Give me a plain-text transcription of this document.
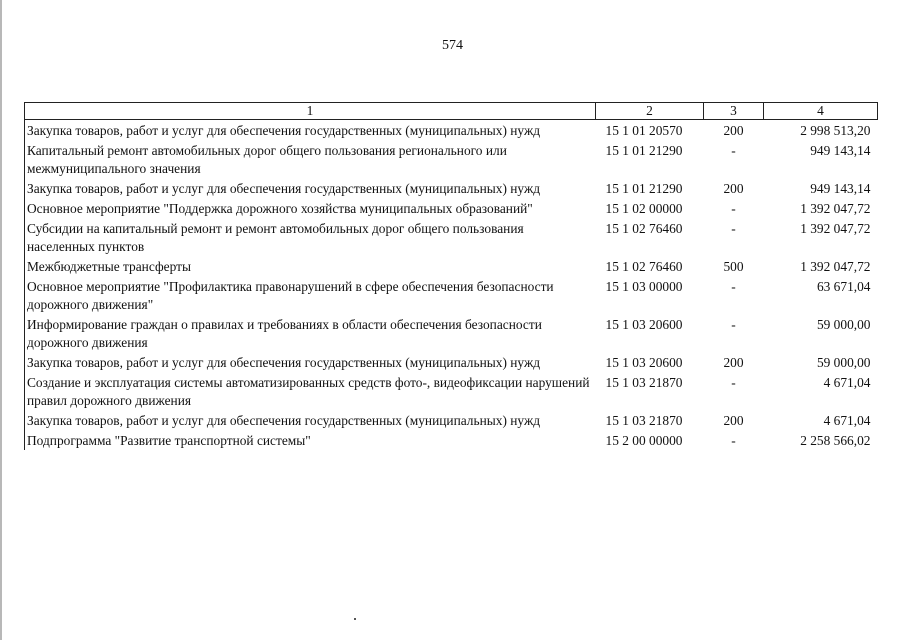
574
1	2	3	4
Закупка товаров, работ и услуг для обеспечения государственных (муниципальных) нужд	15 1 01 20570	200	2 998 513,20
Капитальный ремонт автомобильных дорог общего пользования регионального или межмуниципального значения	15 1 01 21290	-	949 143,14
Закупка товаров, работ и услуг для обеспечения государственных (муниципальных) нужд	15 1 01 21290	200	949 143,14
Основное мероприятие "Поддержка дорожного хозяйства муниципальных образований"	15 1 02 00000	-	1 392 047,72
Субсидии на капитальный ремонт и ремонт автомобильных дорог общего пользования населенных пунктов	15 1 02 76460	-	1 392 047,72
Межбюджетные трансферты	15 1 02 76460	500	1 392 047,72
Основное мероприятие "Профилактика правонарушений в сфере обеспечения безопасности дорожного движения"	15 1 03 00000	-	63 671,04
Информирование граждан о правилах и требованиях в области обеспечения безопасности дорожного движения	15 1 03 20600	-	59 000,00
Закупка товаров, работ и услуг для обеспечения государственных (муниципальных) нужд	15 1 03 20600	200	59 000,00
Создание и эксплуатация системы автоматизированных средств фото-, видеофиксации нарушений правил дорожного движения	15 1 03 21870	-	4 671,04
Закупка товаров, работ и услуг для обеспечения государственных (муниципальных) нужд	15 1 03 21870	200	4 671,04
Подпрограмма "Развитие транспортной системы"	15 2 00 00000	-	2 258 566,02
